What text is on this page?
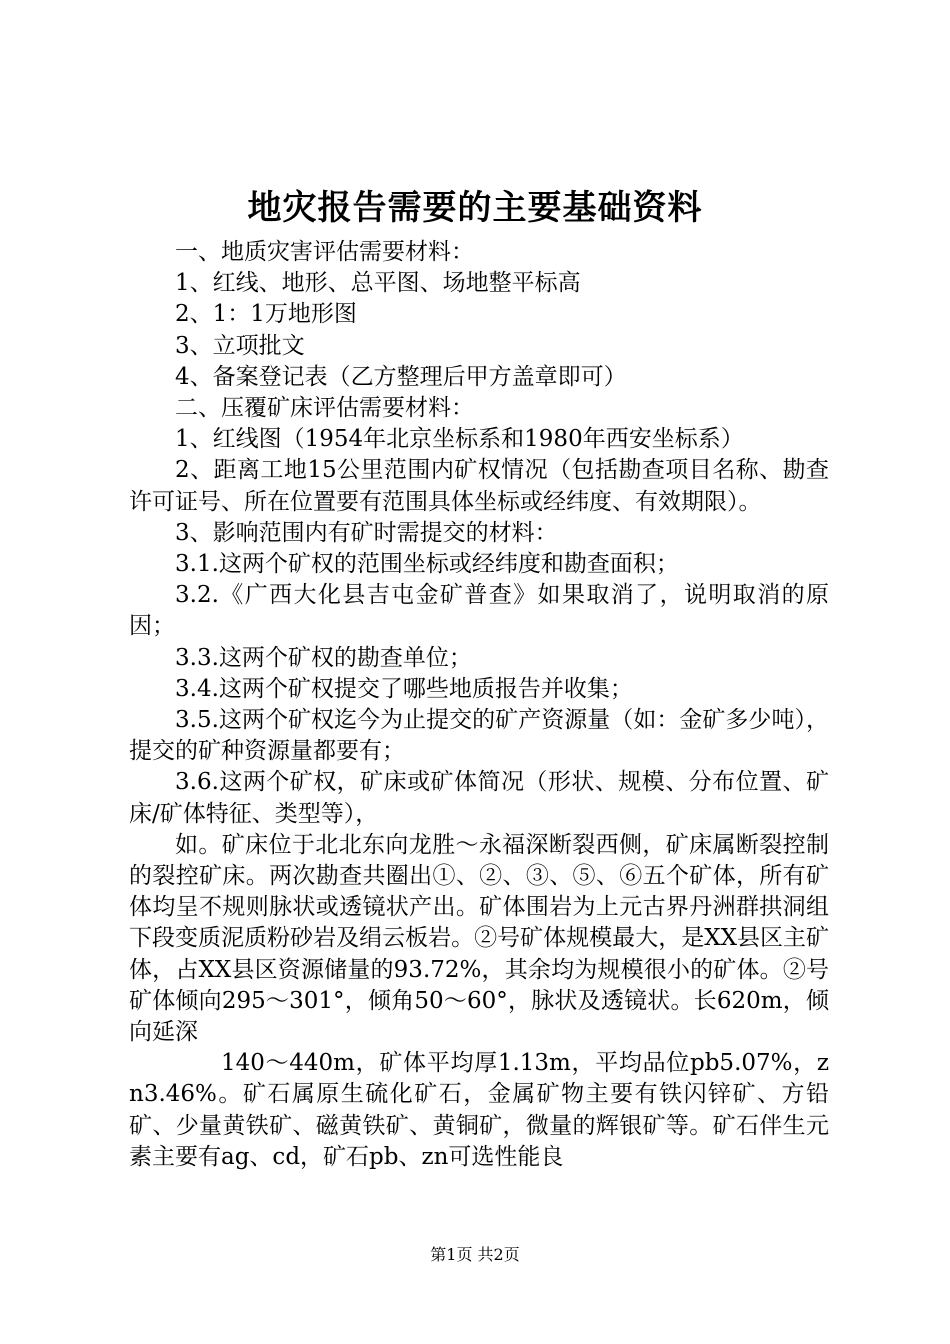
地灾报告需要的主要基础资料

一、地质灾害评估需要材料：

1、红线、地形、总平图、场地整平标高

2、1：1万地形图

3、立项批文

4、备案登记表（乙方整理后甲方盖章即可）

二、压覆矿床评估需要材料：

1、红线图（1954年北京坐标系和1980年西安坐标系）

2、距离工地15公里范围内矿权情况（包括勘查项目名称、勘查许可证号、所在位置要有范围具体坐标或经纬度、有效期限）。

3、影响范围内有矿时需提交的材料：

3.1.这两个矿权的范围坐标或经纬度和勘查面积；

3.2.《广西大化县吉屯金矿普查》如果取消了，说明取消的原因；

3.3.这两个矿权的勘查单位；

3.4.这两个矿权提交了哪些地质报告并收集；

3.5.这两个矿权迄今为止提交的矿产资源量（如：金矿多少吨），提交的矿种资源量都要有；

3.6.这两个矿权，矿床或矿体简况（形状、规模、分布位置、矿床/矿体特征、类型等），

如。矿床位于北北东向龙胜～永福深断裂西侧，矿床属断裂控制的裂控矿床。两次勘查共圈出①、②、③、⑤、⑥五个矿体，所有矿体均呈不规则脉状或透镜状产出。矿体围岩为上元古界丹洲群拱洞组下段变质泥质粉砂岩及绢云板岩。②号矿体规模最大，是XX县区主矿体，占XX县区资源储量的93.72%，其余均为规模很小的矿体。②号矿体倾向295～301°，倾角50～60°，脉状及透镜状。长620m，倾向延深

140～440m，矿体平均厚1.13m，平均品位pb5.07%，zn3.46%。矿石属原生硫化矿石，金属矿物主要有铁闪锌矿、方铅矿、少量黄铁矿、磁黄铁矿、黄铜矿，微量的辉银矿等。矿石伴生元素主要有ag、cd，矿石pb、zn可选性能良

第1页 共2页
